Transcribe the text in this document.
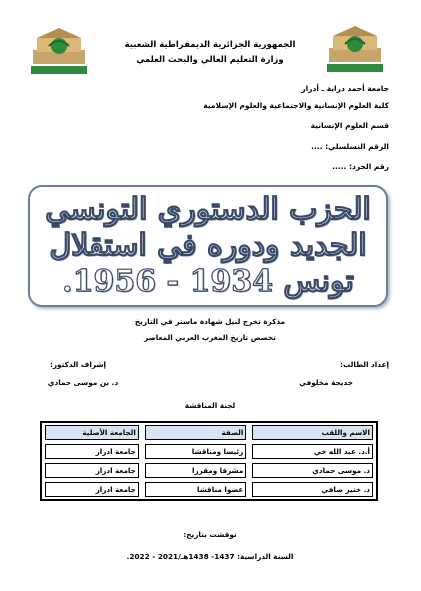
الجمهورية الجزائرية الديمقراطية الشعبية
وزارة التعليم العالي والبحث العلمي
جامعة أحمد دراية ـ أدرار
كلية العلوم الإنسانية والاجتماعية والعلوم الإسلامية
قسم العلوم الإنسانية
الرقم التسلسلي: ....
رقم الجرد: .....
الحزب الدستوري التونسي
الجديد ودوره في استقلال
تونس 1934 - 1956.
مذكرة تخرج لنيل شهادة ماستر في التاريخ
تخصص تاريخ المغرب العربي المعاصر
إعداد الطالب:
خديجة مخلوفي
إشراف الدكتور:
د. بن موسى حمادي
لجنة المناقشة
الاسم واللقب	الصفة	الجامعة الأصلية

أ.د. عبد الله خي	رئيسا ومناقشا	جامعة ادرار

د. موسى حمادي	مشرفا ومقررا	جامعة ادرار

د. ختير صافي	عضوا مناقشا	جامعة ادرار
نوقشت بتاريخ:
السنة الدراسية: 1437- 1438هـ/2021 - 2022.
